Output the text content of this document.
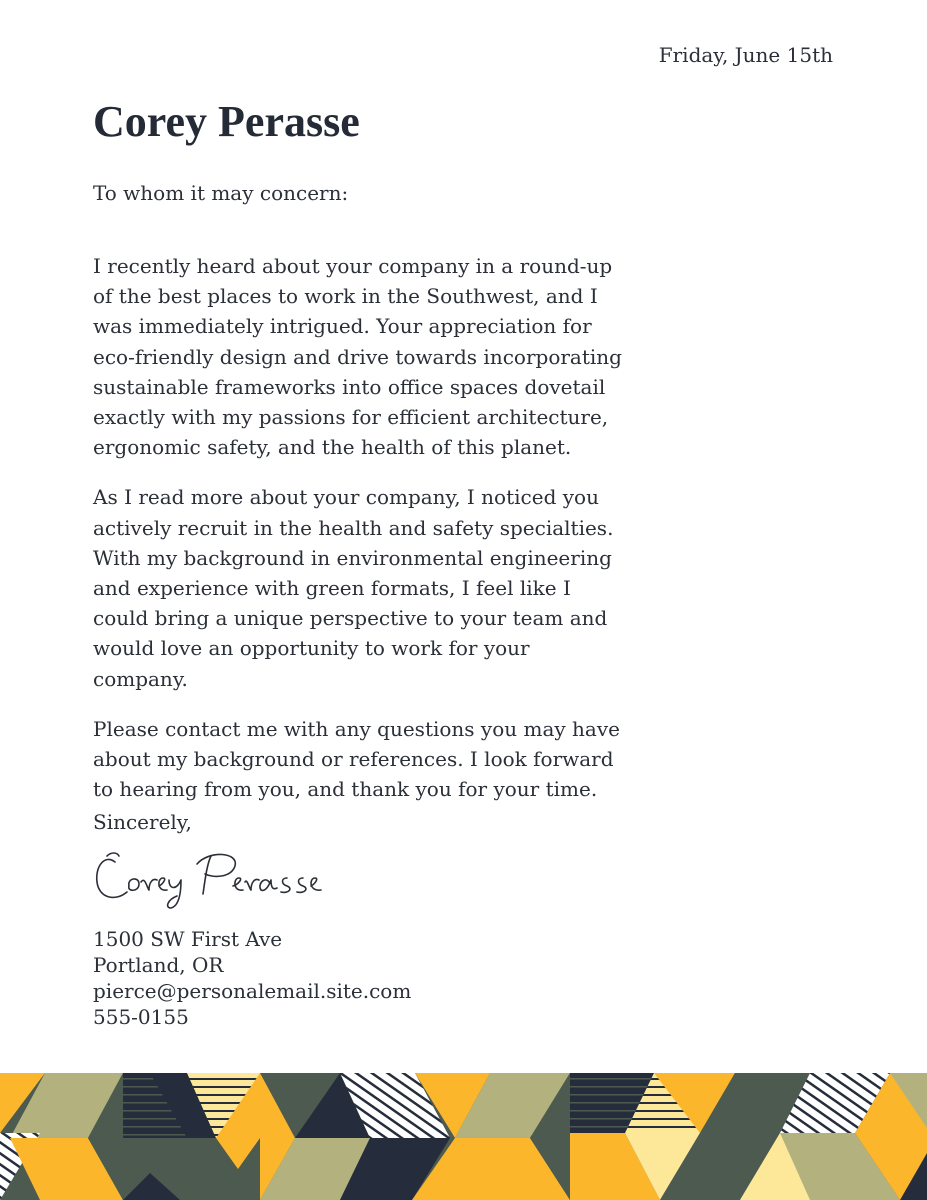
Friday, June 15th
Corey Perasse
To whom it may concern:

I recently heard about your company in a round-up of the best places to work in the Southwest, and I was immediately intrigued. Your appreciation for eco-friendly design and drive towards incorporating sustainable frameworks into office spaces dovetail exactly with my passions for efficient architecture, ergonomic safety, and the health of this planet.

As I read more about your company, I noticed you actively recruit in the health and safety specialties. With my background in environmental engineering and experience with green formats, I feel like I could bring a unique perspective to your team and would love an opportunity to work for your company.

Please contact me with any questions you may have about my background or references. I look forward to hearing from you, and thank you for your time.

Sincerely,
1500 SW First Ave
Portland, OR
pierce@personalemail.site.com
555-0155
